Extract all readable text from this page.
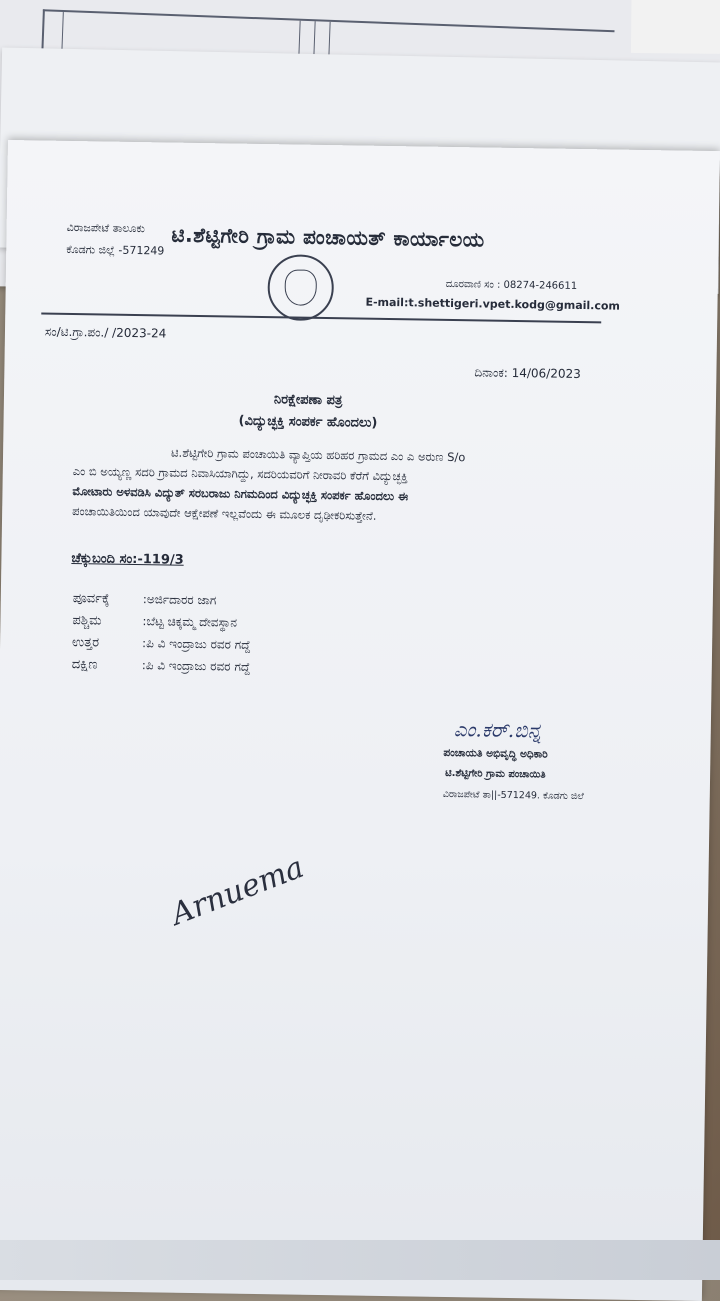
ಟಿ.ಶೆಟ್ಟಿಗೇರಿ ಗ್ರಾಮ ಪಂಚಾಯತ್ ಕಾರ್ಯಾಲಯ
ವಿರಾಜಪೇಟೆ ತಾಲೂಕು
ಕೊಡಗು ಜಿಲ್ಲೆ -571249
ದೂರವಾಣಿ ಸಂ : 08274-246611
E-mail:t.shettigeri.vpet.kodg@gmail.com
ಸಂ/ಟಿ.ಗ್ರಾ.ಪಂ./ /2023-24
ದಿನಾಂಕ: 14/06/2023
ನಿರಕ್ಷೇಪಣಾ ಪತ್ರ
(ವಿದ್ಯುಚ್ಛಕ್ತಿ ಸಂಪರ್ಕ ಹೊಂದಲು)
ಟಿ.ಶೆಟ್ಟಿಗೇರಿ ಗ್ರಾಮ ಪಂಚಾಯಿತಿ ವ್ಯಾಪ್ತಿಯ ಹರಿಹರ ಗ್ರಾಮದ ಎಂ ಎ ಅರುಣ S/o
ಎಂ ಬಿ ಅಯ್ಯಣ್ಣ ಸದರಿ ಗ್ರಾಮದ ನಿವಾಸಿಯಾಗಿದ್ದು, ಸದರಿಯವರಿಗೆ ನೀರಾವರಿ ಕೆರೆಗೆ ವಿದ್ಯುಚ್ಛಕ್ತಿ
ಮೋಟಾರು ಅಳವಡಿಸಿ ವಿದ್ಯುತ್ ಸರಬರಾಜು ನಿಗಮದಿಂದ ವಿದ್ಯುಚ್ಛಕ್ತಿ ಸಂಪರ್ಕ ಹೊಂದಲು ಈ
ಪಂಚಾಯಿತಿಯಿಂದ ಯಾವುದೇ ಆಕ್ಷೇಪಣೆ ಇಲ್ಲವೆಂದು ಈ ಮೂಲಕ ದೃಢೀಕರಿಸುತ್ತೇನೆ.
ಚೆಕ್ಕುಬಂದಿ ಸಂ:-119/3
ಪೂರ್ವಕ್ಕೆ	:ಅರ್ಜಿದಾರರ ಜಾಗ
ಪಶ್ಚಿಮ	:ಬೆಟ್ಟ ಚಿಕ್ಕಮ್ಮ ದೇವಸ್ಥಾನ
ಉತ್ತರ	:ಪಿ ವಿ ಇಂದ್ರಾಜು ರವರ ಗದ್ದೆ
ದಕ್ಷಿಣ	:ಪಿ ವಿ ಇಂದ್ರಾಜು ರವರ ಗದ್ದೆ
ಎಂ.ಕರ್.ಬಿನ್ನ
ಪಂಚಾಯತಿ ಅಭಿವೃದ್ಧಿ ಅಧಿಕಾರಿ
ಟಿ.ಶೆಟ್ಟಿಗೇರಿ ಗ್ರಾಮ ಪಂಚಾಯಿತಿ
ವಿರಾಜಪೇಟೆ ತಾ||-571249. ಕೊಡಗು ಜಿಲೆ
Arnuema
